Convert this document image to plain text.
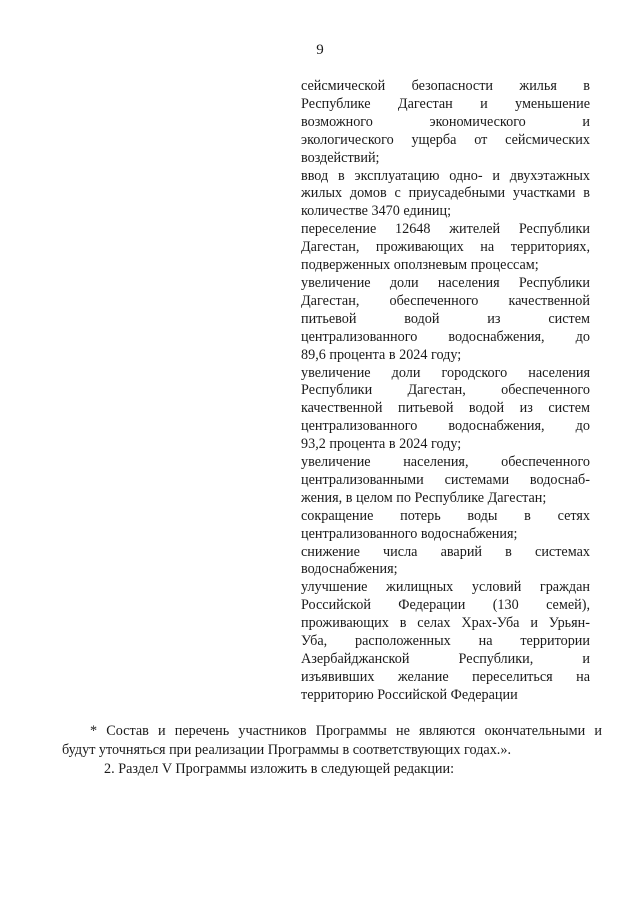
9
сейсмической безопасности жилья в
Республике Дагестан и уменьшение
возможного экономического и
экологического ущерба от сейсмических
воздействий;
ввод в эксплуатацию одно- и двухэтажных
жилых домов с приусадебными участками в
количестве 3470 единиц;
переселение 12648 жителей Республики
Дагестан, проживающих на территориях,
подверженных оползневым процессам;
увеличение доли населения Республики
Дагестан, обеспеченного качественной
питьевой водой из систем
централизованного водоснабжения, до
89,6 процента в 2024 году;
увеличение доли городского населения
Республики Дагестан, обеспеченного
качественной питьевой водой из систем
централизованного водоснабжения, до
93,2 процента в 2024 году;
увеличение населения, обеспеченного
централизованными системами водоснаб-
жения, в целом по Республике Дагестан;
сокращение потерь воды в сетях
централизованного водоснабжения;
снижение числа аварий в системах
водоснабжения;
улучшение жилищных условий граждан
Российской Федерации (130 семей),
проживающих в селах Храх-Уба и Урьян-
Уба, расположенных на территории
Азербайджанской Республики, и
изъявивших желание переселиться на
территорию Российской Федерации
* Состав и перечень участников Программы не являются окончательными и
будут уточняться при реализации Программы в соответствующих годах.».
2. Раздел V Программы изложить в следующей редакции:
